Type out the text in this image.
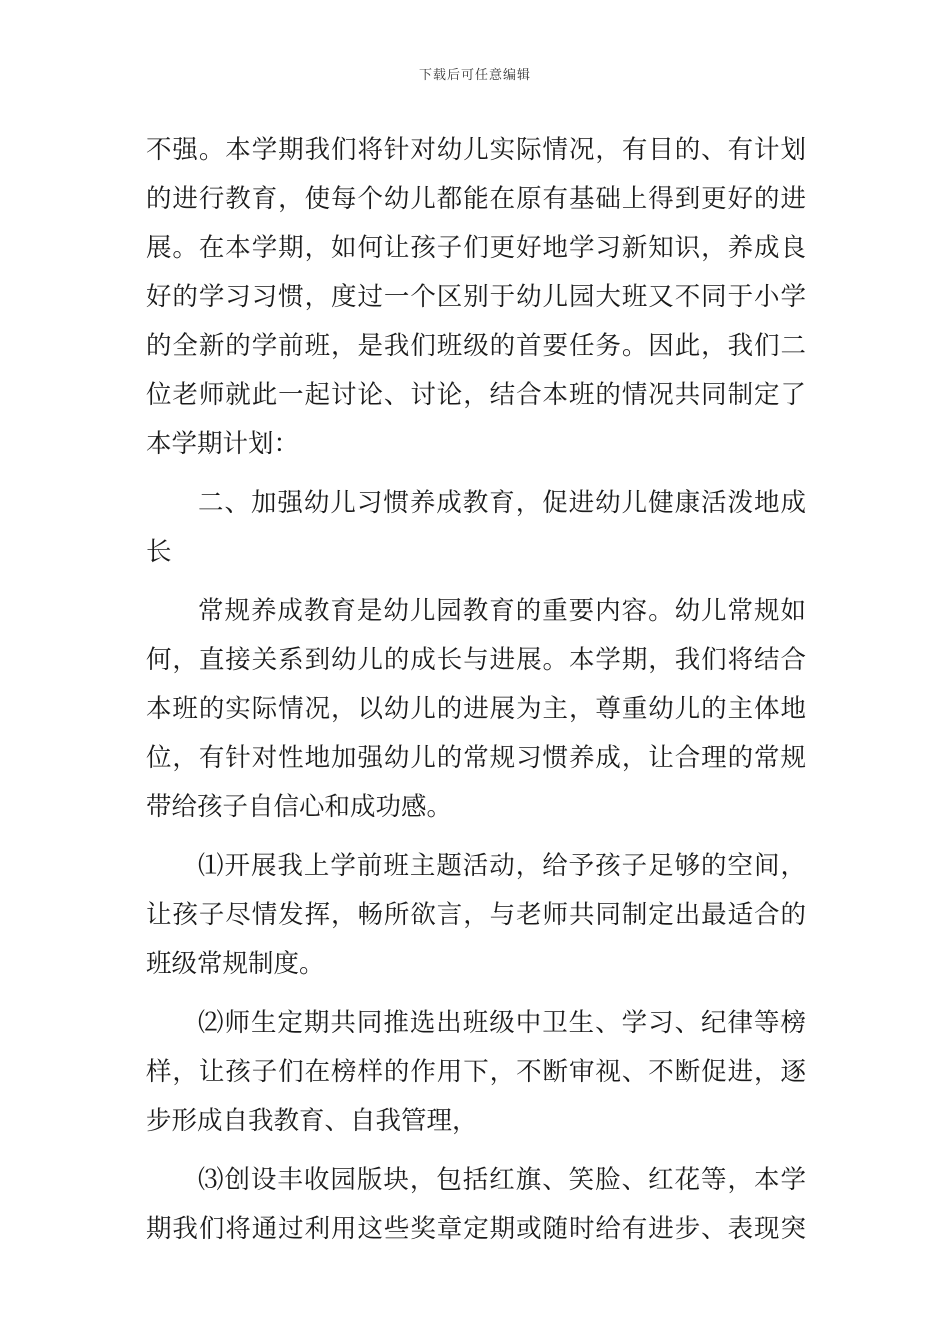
下载后可任意编辑
不强。本学期我们将针对幼儿实际情况，有目的、有计划
的进行教育，使每个幼儿都能在原有基础上得到更好的进
展。在本学期，如何让孩子们更好地学习新知识，养成良
好的学习习惯，度过一个区别于幼儿园大班又不同于小学
的全新的学前班，是我们班级的首要任务。因此，我们二
位老师就此一起讨论、讨论，结合本班的情况共同制定了
本学期计划：
二、加强幼儿习惯养成教育，促进幼儿健康活泼地成
长
常规养成教育是幼儿园教育的重要内容。幼儿常规如
何，直接关系到幼儿的成长与进展。本学期，我们将结合
本班的实际情况，以幼儿的进展为主，尊重幼儿的主体地
位，有针对性地加强幼儿的常规习惯养成，让合理的常规
带给孩子自信心和成功感。
⑴开展我上学前班主题活动，给予孩子足够的空间，
让孩子尽情发挥，畅所欲言，与老师共同制定出最适合的
班级常规制度。
⑵师生定期共同推选出班级中卫生、学习、纪律等榜
样，让孩子们在榜样的作用下，不断审视、不断促进，逐
步形成自我教育、自我管理，
⑶创设丰收园版块，包括红旗、笑脸、红花等，本学
期我们将通过利用这些奖章定期或随时给有进步、表现突
